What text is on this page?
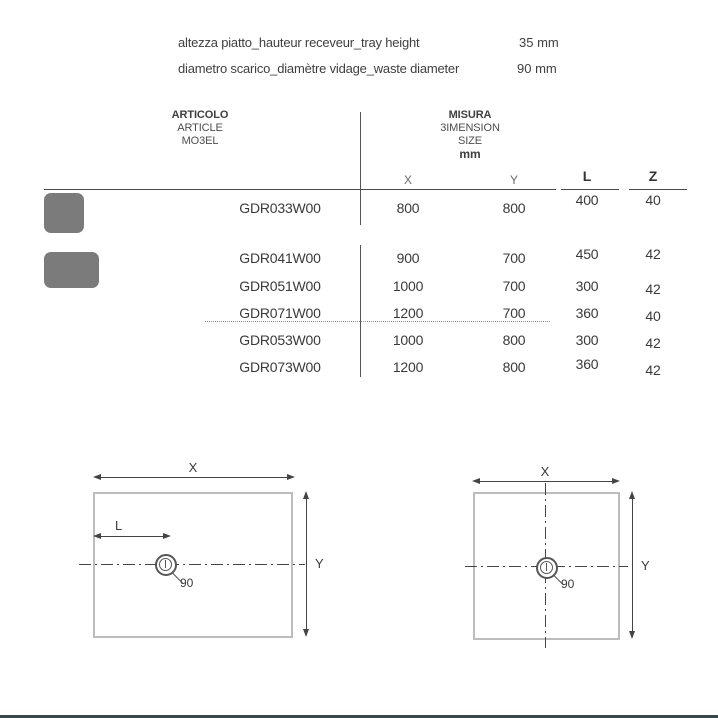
altezza piatto_hauteur receveur_tray height	35 mm
diametro scarico_diamètre vidage_waste diameter	90 mm
ARTICOLO
ARTICLE
MO3EL
MISURA
3IMENSION
SIZE
mm
X	Y	L	Z
GDR033W00	800	800	400	40
GDR041W00	900	700	450	42
GDR051W00	1000	700	300	42
GDR071W00	1200	700	360	40
GDR053W00	1000	800	300	42
GDR073W00	1200	800	360	42
X
Y
L
90
X
Y
90
